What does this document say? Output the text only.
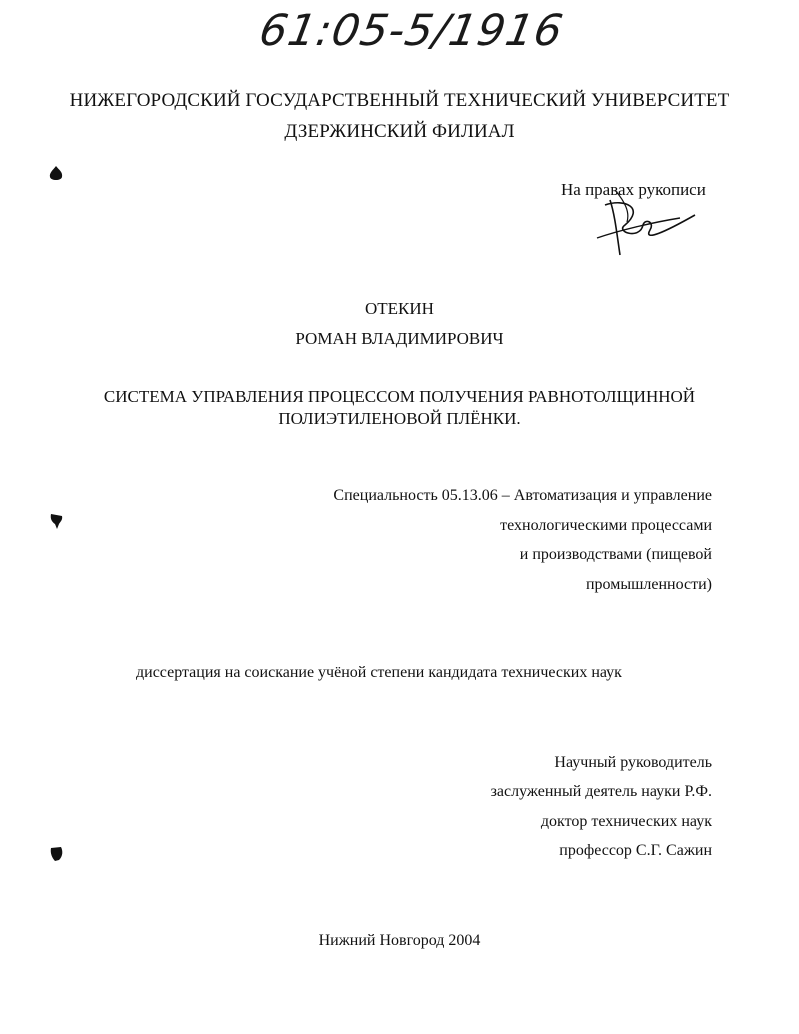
61:05-5/1916
НИЖЕГОРОДСКИЙ ГОСУДАРСТВЕННЫЙ ТЕХНИЧЕСКИЙ УНИВЕРСИТЕТ
ДЗЕРЖИНСКИЙ ФИЛИАЛ
На правах рукописи
ОТЕКИН
РОМАН ВЛАДИМИРОВИЧ
СИСТЕМА УПРАВЛЕНИЯ ПРОЦЕССОМ ПОЛУЧЕНИЯ РАВНОТОЛЩИННОЙ
ПОЛИЭТИЛЕНОВОЙ ПЛЁНКИ.
Специальность 05.13.06 – Автоматизация и управление
технологическими процессами
и производствами (пищевой
промышленности)
диссертация на соискание учёной степени кандидата технических наук
Научный руководитель
заслуженный деятель науки Р.Ф.
доктор технических наук
профессор С.Г. Сажин
Нижний Новгород 2004
